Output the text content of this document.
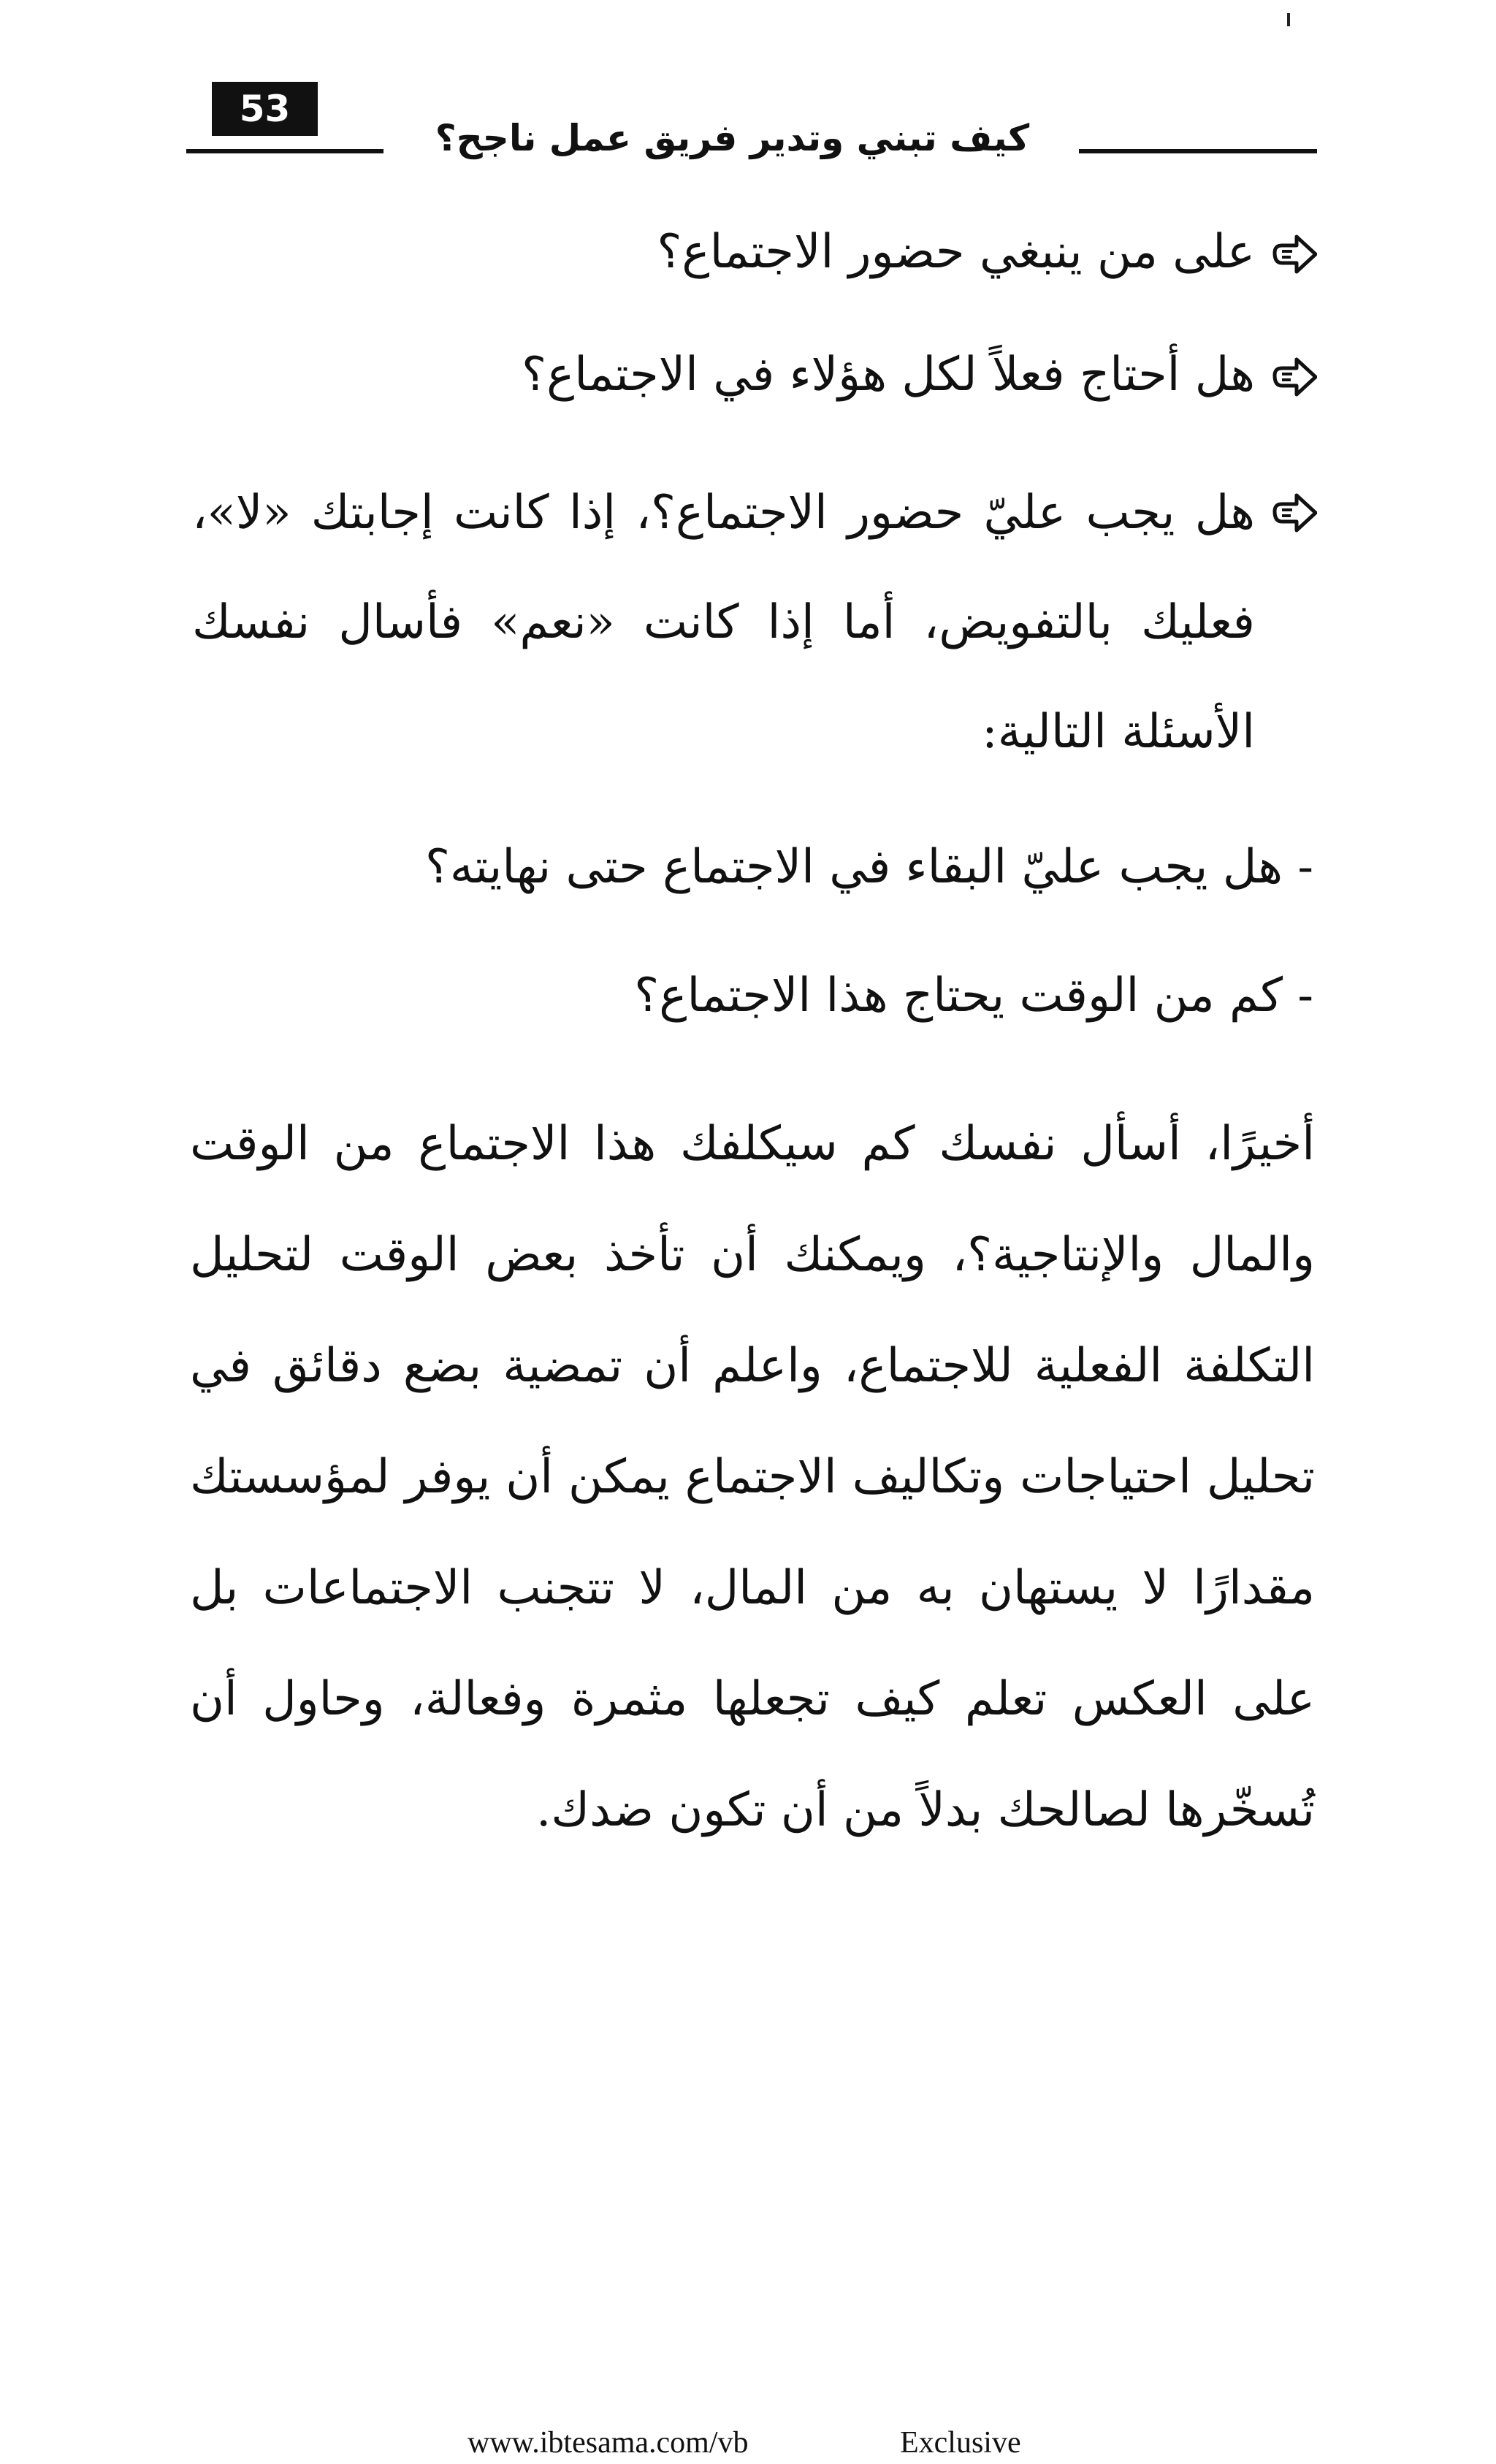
53
كيف تبني وتدير فريق عمل ناجح؟
على من ينبغي حضور الاجتماع؟
هل أحتاج فعلاً لكل هؤلاء في الاجتماع؟
هل يجب عليّ حضور الاجتماع؟، إذا كانت إجابتك «لا»، فعليك بالتفويض، أما إذا كانت «نعم» فأسال نفسك الأسئلة التالية:
- هل يجب عليّ البقاء في الاجتماع حتى نهايته؟
- كم من الوقت يحتاج هذا الاجتماع؟
أخيرًا، أسأل نفسك كم سيكلفك هذا الاجتماع من الوقت والمال والإنتاجية؟، ويمكنك أن تأخذ بعض الوقت لتحليل التكلفة الفعلية للاجتماع، واعلم أن تمضية بضع دقائق في تحليل احتياجات وتكاليف الاجتماع يمكن أن يوفر لمؤسستك مقدارًا لا يستهان به من المال، لا تتجنب الاجتماعات بل على العكس تعلم كيف تجعلها مثمرة وفعالة، وحاول أن تُسخّرها لصالحك بدلاً من أن تكون ضدك.
www.ibtesama.com/vb	Exclusive
